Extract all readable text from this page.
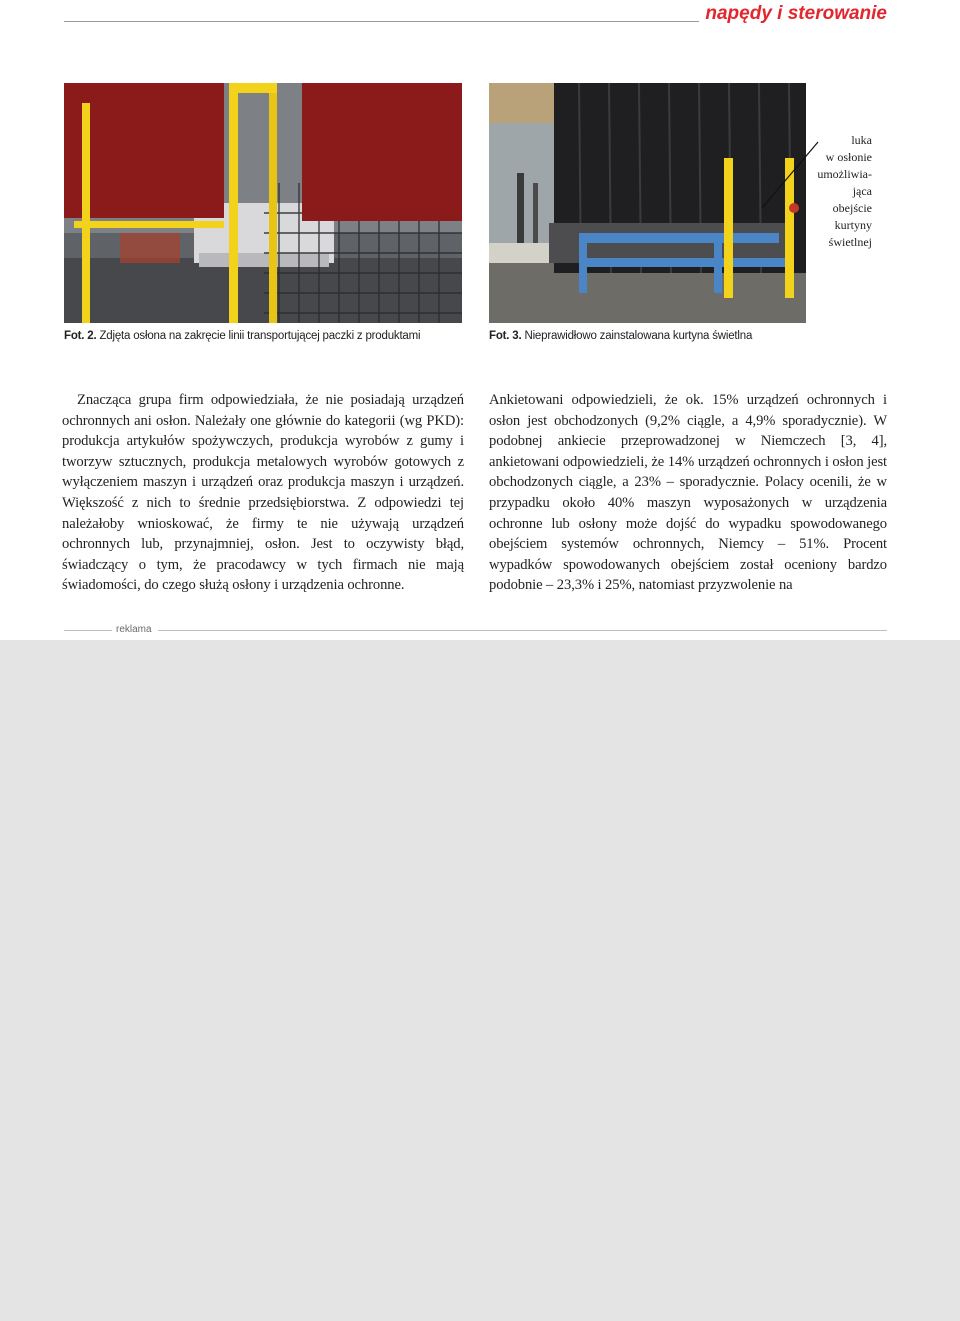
napędy i sterowanie
luka
w osłonie
umożliwia-
jąca obejście
kurtyny
świetlnej
Fot. 2. Zdjęta osłona na zakręcie linii transportującej paczki z produktami	Fot. 3. Nieprawidłowo zainstalowana kurtyna świetlna

Znacząca grupa firm odpowiedziała, że nie posiadają urządzeń ochronnych ani osłon. Należały one głównie do kategorii (wg PKD): produkcja artykułów spożywczych, produkcja wyrobów z gumy i tworzyw sztucznych, produkcja metalowych wyrobów gotowych z wyłączeniem maszyn i urządzeń oraz produkcja maszyn i urządzeń. Większość z nich to średnie przedsiębiorstwa. Z odpowiedzi tej należałoby wnioskować, że firmy te nie używają urządzeń ochronnych lub, przynajmniej, osłon. Jest to oczywisty błąd, świadczący o tym, że pracodawcy w tych firmach nie mają świadomości, do czego służą osłony i urządzenia ochronne.

Ankietowani odpowiedzieli, że ok. 15% urządzeń ochronnych i osłon jest obchodzonych (9,2% ciągle, a 4,9% sporadycznie). W podobnej ankiecie przeprowadzonej w Niemczech [3, 4], ankietowani odpowiedzieli, że 14% urządzeń ochronnych i osłon jest obchodzonych ciągle, a 23% – sporadycznie. Polacy ocenili, że w przypadku około 40% maszyn wyposażonych w urządzenia ochronne lub osłony może dojść do wypadku spowodowanego obejściem systemów ochronnych, Niemcy – 51%. Procent wypadków spowodowanych obejściem został oceniony bardzo podobnie – 23,3% i 25%, natomiast przyzwolenie na

reklama
